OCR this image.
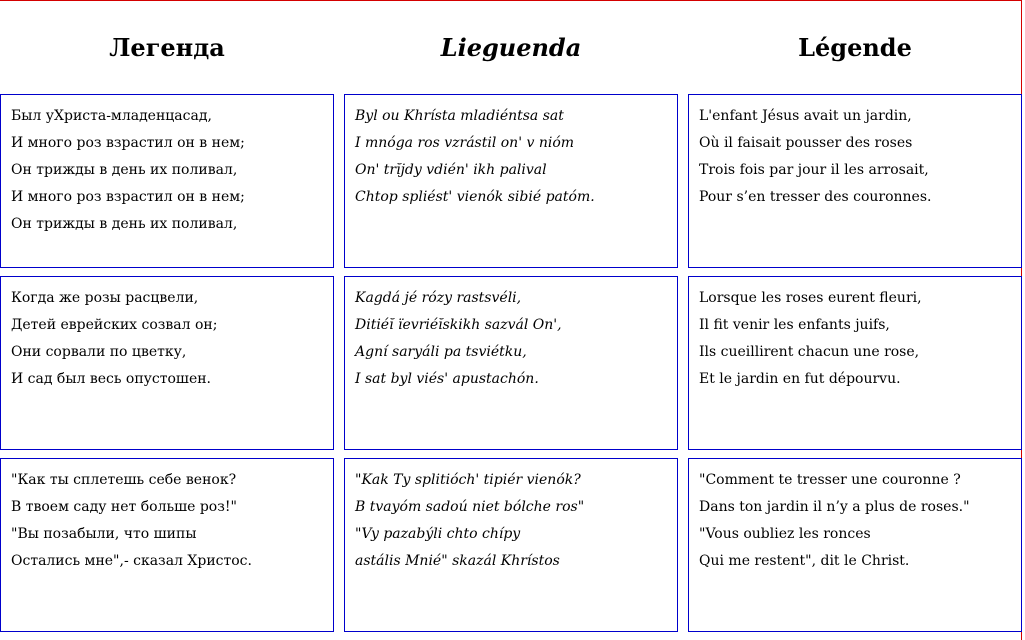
Легенда
Был уХриста-младенцасад,
И много роз взрастил он в нем;
Он трижды в день их поливал,
И много роз взрастил он в нем;
Он трижды в день их поливал,
Когда же розы расцвели,
Детей еврейских созвал он;
Они сорвали по цветку,
И сад был весь опустошен.
"Как ты сплетешь себе венок?
В твоем саду нет больше роз!"
"Вы позабыли, что шипы
Остались мне",- сказал Христос.
Lieguenda
Byl ou Khrísta mladiéntsa sat
I mnóga ros vzrástil on' v nióm
On' trĭjdy vdién' ikh palival
Chtop spliést' vienók sibié patóm.
Kagdá jé rózy rastsvéli,
Ditiéĭ ïevriéĭskikh sazvál On',
Agní saryáli pa tsviétku,
I sat byl viés' apustachón.
"Kak Ty splitióch' tipiér vienók?
B tvayóm sadoú niet bólche ros"
"Vy pazabýli chto chípy
astális Mnié" skazál Khrístos
Légende
L'enfant Jésus avait un jardin,
Où il faisait pousser des roses
Trois fois par jour il les arrosait,
Pour s’en tresser des couronnes.
Lorsque les roses eurent fleuri,
Il fit venir les enfants juifs,
Ils cueillirent chacun une rose,
Et le jardin en fut dépourvu.
"Comment te tresser une couronne ?
Dans ton jardin il n’y a plus de roses."
"Vous oubliez les ronces
Qui me restent", dit le Christ.
